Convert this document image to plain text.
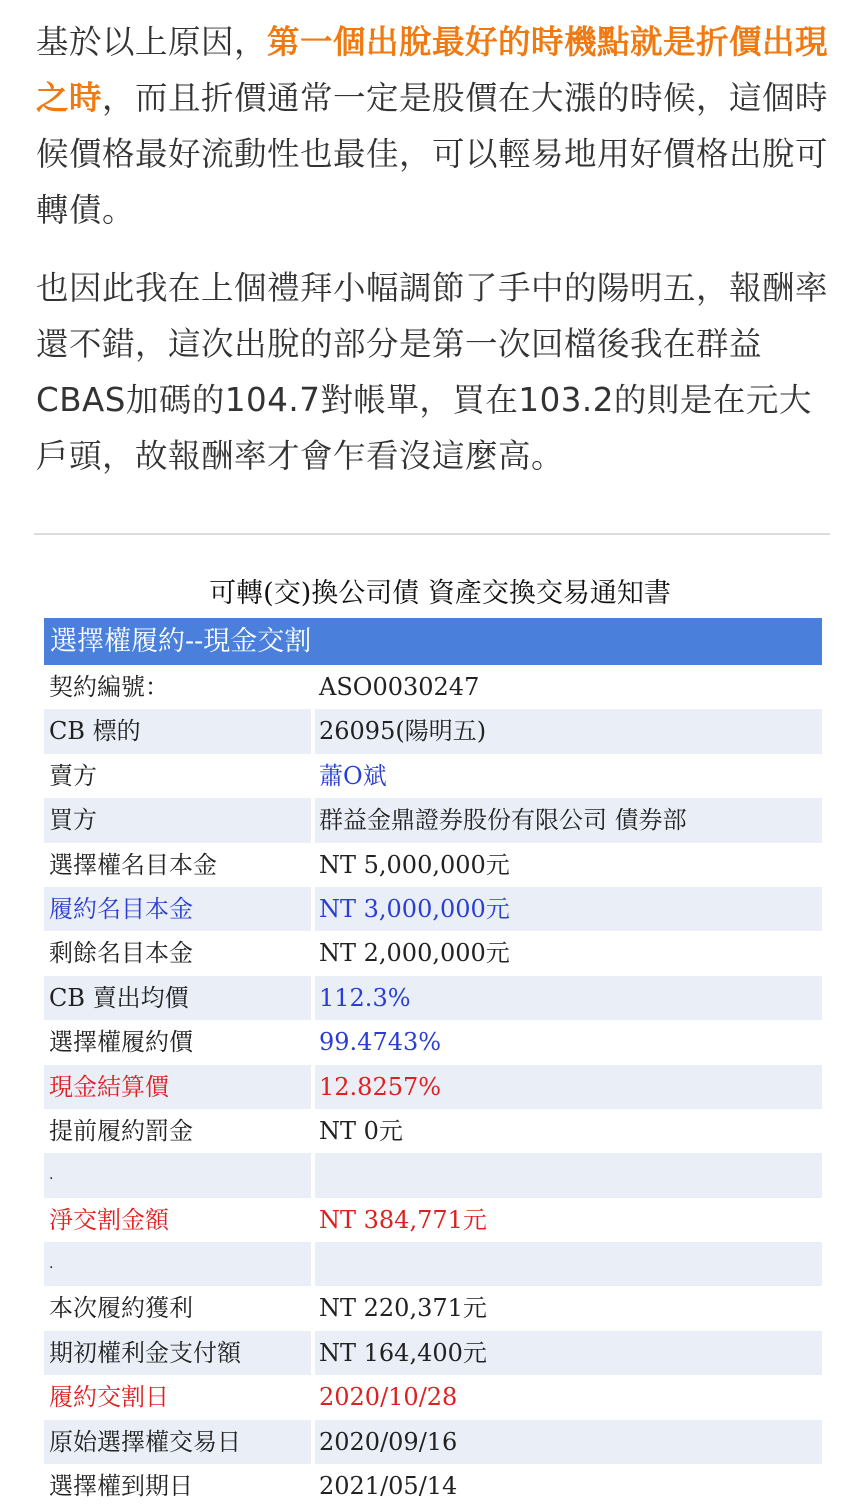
基於以上原因，第一個出脫最好的時機點就是折價出現之時，而且折價通常一定是股價在大漲的時候，這個時候價格最好流動性也最佳，可以輕易地用好價格出脫可轉債。

也因此我在上個禮拜小幅調節了手中的陽明五，報酬率還不錯，這次出脫的部分是第一次回檔後我在群益CBAS加碼的104.7對帳單，買在103.2的則是在元大戶頭，故報酬率才會乍看沒這麼高。

可轉(交)換公司債 資產交換交易通知書
選擇權履約--現金交割
契約編號：	ASO0030247
CB 標的	26095(陽明五)
賣方	蕭O斌
買方	群益金鼎證券股份有限公司 債券部
選擇權名目本金	NT 5,000,000元
履約名目本金	NT 3,000,000元
剩餘名目本金	NT 2,000,000元
CB 賣出均價	112.3%
選擇權履約價	99.4743%
現金結算價	12.8257%
提前履約罰金	NT 0元
.
淨交割金額	NT 384,771元
.
本次履約獲利	NT 220,371元
期初權利金支付額	NT 164,400元
履約交割日	2020/10/28
原始選擇權交易日	2020/09/16
選擇權到期日	2021/05/14
